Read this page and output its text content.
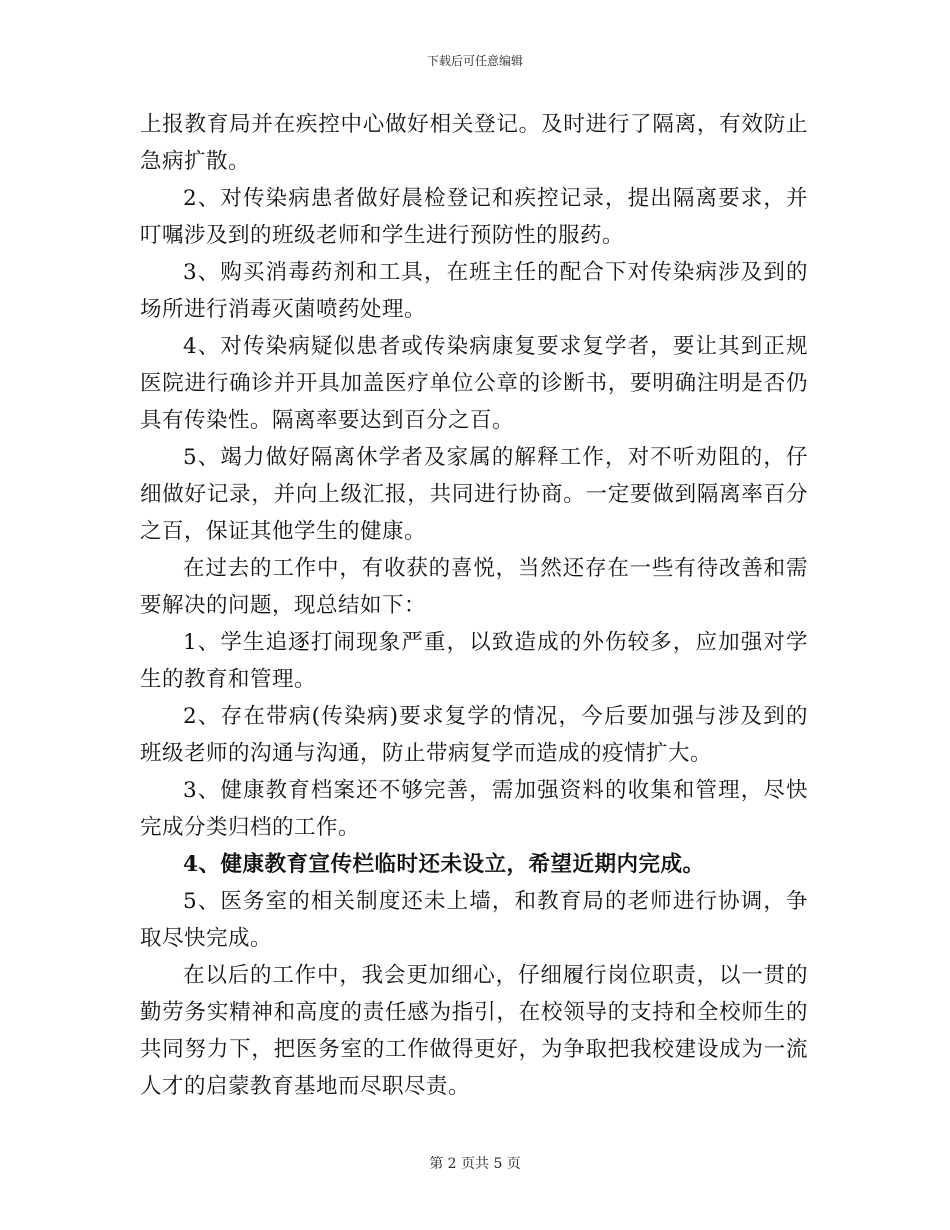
下载后可任意编辑

上报教育局并在疾控中心做好相关登记。及时进行了隔离，有效防止急病扩散。

2、对传染病患者做好晨检登记和疾控记录，提出隔离要求，并叮嘱涉及到的班级老师和学生进行预防性的服药。

3、购买消毒药剂和工具，在班主任的配合下对传染病涉及到的场所进行消毒灭菌喷药处理。

4、对传染病疑似患者或传染病康复要求复学者，要让其到正规医院进行确诊并开具加盖医疗单位公章的诊断书，要明确注明是否仍具有传染性。隔离率要达到百分之百。

5、竭力做好隔离休学者及家属的解释工作，对不听劝阻的，仔细做好记录，并向上级汇报，共同进行协商。一定要做到隔离率百分之百，保证其他学生的健康。

在过去的工作中，有收获的喜悦，当然还存在一些有待改善和需要解决的问题，现总结如下：

1、学生追逐打闹现象严重，以致造成的外伤较多，应加强对学生的教育和管理。

2、存在带病(传染病)要求复学的情况，今后要加强与涉及到的班级老师的沟通与沟通，防止带病复学而造成的疫情扩大。

3、健康教育档案还不够完善，需加强资料的收集和管理，尽快完成分类归档的工作。

4、健康教育宣传栏临时还未设立，希望近期内完成。

5、医务室的相关制度还未上墙，和教育局的老师进行协调，争取尽快完成。

在以后的工作中，我会更加细心，仔细履行岗位职责，以一贯的勤劳务实精神和高度的责任感为指引，在校领导的支持和全校师生的共同努力下，把医务室的工作做得更好，为争取把我校建设成为一流人才的启蒙教育基地而尽职尽责。

第 2 页共 5 页
